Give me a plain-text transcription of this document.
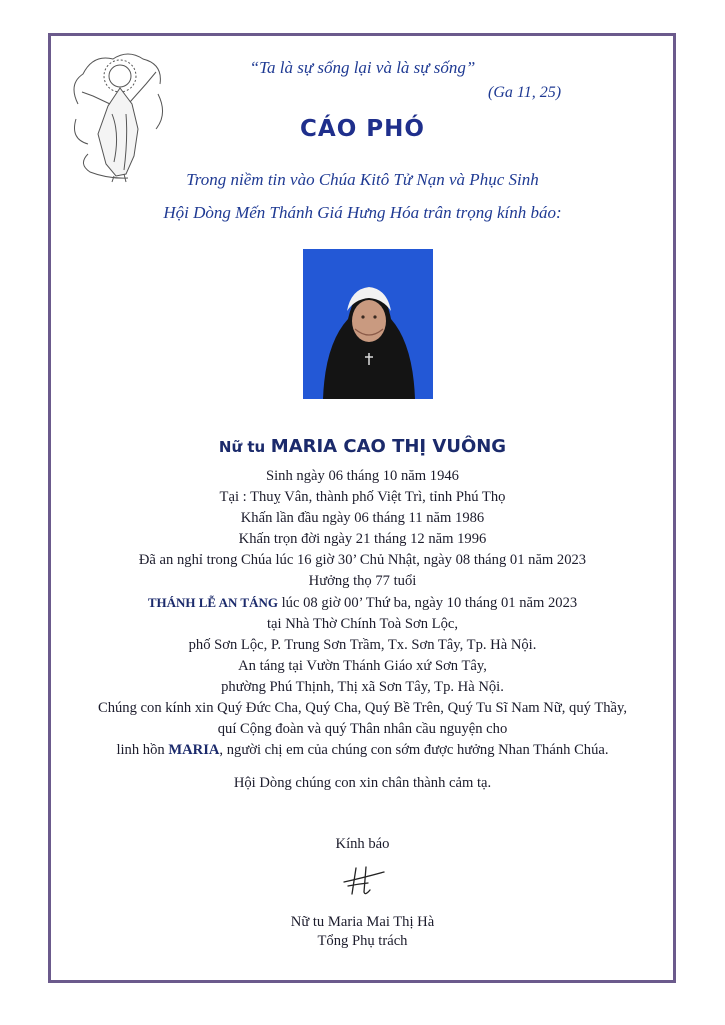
“Ta là sự sống lại và là sự sống”
(Ga 11, 25)
CÁO PHÓ
Trong niềm tin vào Chúa Kitô Tử Nạn và Phục Sinh
Hội Dòng Mến Thánh Giá Hưng Hóa trân trọng kính báo:
Nữ tu MARIA CAO THỊ VUÔNG
Sinh ngày 06 tháng 10 năm 1946
Tại : Thuỵ Vân, thành phố Việt Trì, tỉnh Phú Thọ
Khấn lần đầu ngày 06 tháng 11 năm 1986
Khấn trọn đời ngày 21 tháng 12 năm 1996
Đã an nghỉ trong Chúa lúc 16 giờ 30’ Chủ Nhật, ngày 08 tháng 01 năm 2023
Hưởng thọ 77 tuổi
THÁNH LỄ AN TÁNG lúc 08 giờ 00’ Thứ ba, ngày 10 tháng 01 năm 2023
tại Nhà Thờ Chính Toà Sơn Lộc,
phố Sơn Lộc, P. Trung Sơn Trầm, Tx. Sơn Tây, Tp. Hà Nội.
An táng tại Vườn Thánh Giáo xứ Sơn Tây,
phường Phú Thịnh, Thị xã Sơn Tây, Tp. Hà Nội.
Chúng con kính xin Quý Đức Cha, Quý Cha, Quý Bề Trên, Quý Tu Sĩ Nam Nữ, quý Thầy,
quí Cộng đoàn và quý Thân nhân cầu nguyện cho
linh hồn MARIA, người chị em của chúng con sớm được hưởng Nhan Thánh Chúa.
Hội Dòng chúng con xin chân thành cảm tạ.
Kính báo
Nữ tu Maria Mai Thị Hà
Tổng Phụ trách
